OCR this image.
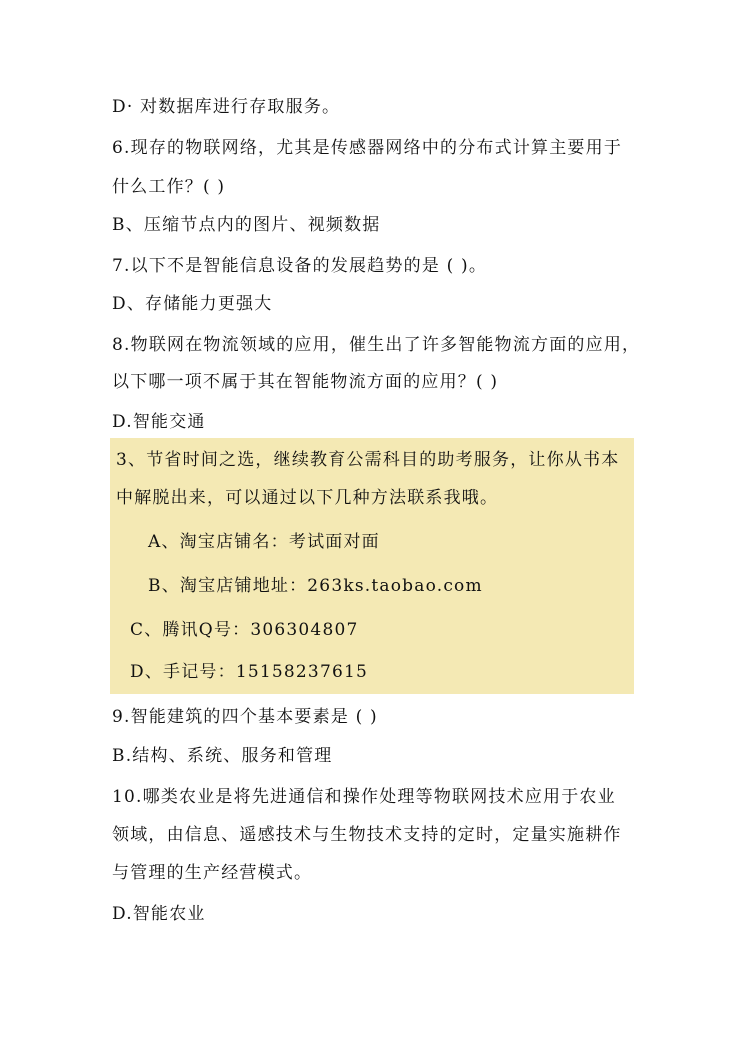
D· 对数据库进行存取服务。
6.现存的物联网络，尤其是传感器网络中的分布式计算主要用于
什么工作？( )
B、压缩节点内的图片、视频数据
7.以下不是智能信息设备的发展趋势的是 ( )。
D、存储能力更强大
8.物联网在物流领域的应用，催生出了许多智能物流方面的应用，
以下哪一项不属于其在智能物流方面的应用？( )
D.智能交通
3、节省时间之选，继续教育公需科目的助考服务，让你从书本
中解脱出来，可以通过以下几种方法联系我哦。
A、淘宝店铺名：考试面对面
B、淘宝店铺地址：263ks.taobao.com
C、腾讯Q号：306304807
D、手记号：15158237615
9.智能建筑的四个基本要素是 ( )
B.结构、系统、服务和管理
10.哪类农业是将先进通信和操作处理等物联网技术应用于农业
领域，由信息、遥感技术与生物技术支持的定时，定量实施耕作
与管理的生产经营模式。
D.智能农业
